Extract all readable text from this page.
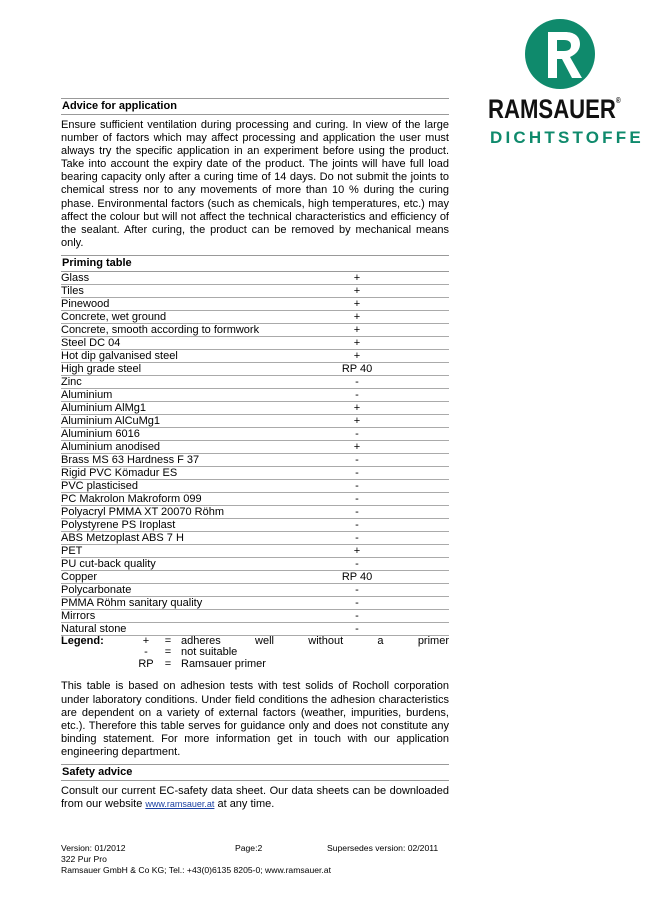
RAMSAUER®
DICHTSTOFFE
Advice for application
Ensure sufficient ventilation during processing and curing. In view of the large number of factors which may affect processing and application the user must always try the specific application in an experiment before using the product. Take into account the expiry date of the product. The joints will have full load bearing capacity only after a curing time of 14 days. Do not submit the joints to chemical stress nor to any movements of more than 10 % during the curing phase. Environmental factors (such as chemicals, high temperatures, etc.) may affect the colour but will not affect the technical characteristics and efficiency of the sealant. After curing, the product can be removed by mechanical means only.
Priming table
Glass	+
Tiles	+
Pinewood	+
Concrete, wet ground	+
Concrete, smooth according to formwork	+
Steel DC 04	+
Hot dip galvanised steel	+
High grade steel	RP 40
Zinc	-
Aluminium	-
Aluminium AlMg1	+
Aluminium AlCuMg1	+
Aluminium 6016	-
Aluminium anodised	+
Brass MS 63 Hardness F 37	-
Rigid PVC Kömadur ES	-
PVC plasticised	-
PC Makrolon Makroform 099	-
Polyacryl PMMA XT 20070 Röhm	-
Polystyrene PS Iroplast	-
ABS Metzoplast ABS 7 H	-
PET	+
PU cut-back quality	-
Copper	RP 40
Polycarbonate	-
PMMA Röhm sanitary quality	-
Mirrors	-
Natural stone	-
Legend:	+	= adheres well without a primer
-	= not suitable
RP	= Ramsauer primer
This table is based on adhesion tests with test solids of Rocholl corporation under laboratory conditions. Under field conditions the adhesion characteristics are dependent on a variety of external factors (weather, impurities, burdens, etc.). Therefore this table serves for guidance only and does not constitute any binding statement. For more information get in touch with our application engineering department.
Safety advice
Consult our current EC-safety data sheet. Our data sheets can be downloaded from our website www.ramsauer.at at any time.
Version: 01/2012	Page:2	Supersedes version: 02/2011
322 Pur Pro
Ramsauer GmbH & Co KG; Tel.: +43(0)6135 8205-0; www.ramsauer.at
